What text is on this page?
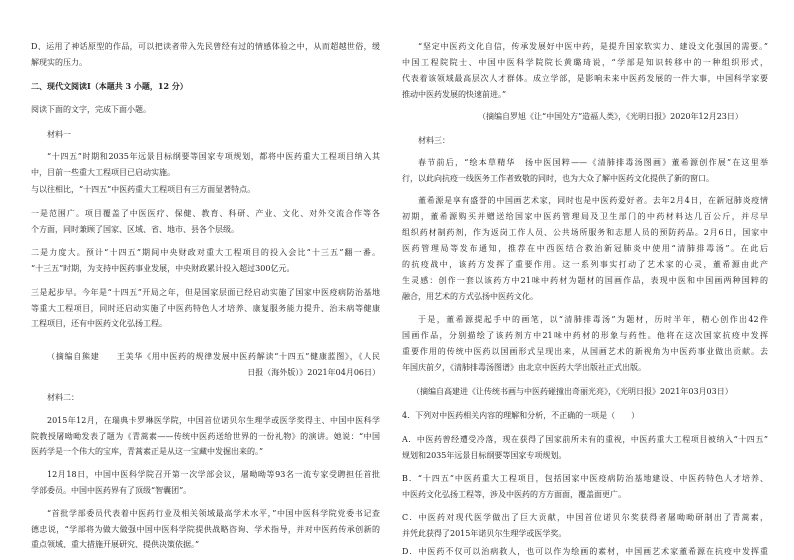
D、运用了神话原型的作品，可以把读者带入先民曾经有过的情感体验之中，从而超越世俗，缓
解现实的压力。
二、现代文阅读Ⅰ（本题共 3 小题，12 分）
阅读下面的文字，完成下面小题。
材料一
“十四五”时期和2035年远景目标纲要等国家专项规划，都将中医药重大工程项目纳入其
中，目前一些重大工程项目已启动实施。
与以往相比，“十四五”中医药重大工程项目有三方面显著特点。
一是范围广。项目覆盖了中医医疗、保健、教育、科研、产业、文化、对外交流合作等各
个方面，同时兼顾了国家、区域、省、地市、县各个层级。
二是力度大。预计“十四五”期间中央财政对重大工程项目的投入会比“十三五”翻一番。
“十三五”时期，为支持中医药事业发展，中央财政累计投入超过300亿元。
三是起步早。今年是“十四五”开局之年，但是国家层面已经启动实施了国家中医疫病防治基地
等重大工程项目，同时还启动实施了中医药特色人才培养、康复服务能力提升、治未病等健康
工程项目，还有中医药文化弘扬工程。
（摘编自熊建　　王美华《用中医药的规律发展中医药解读“十四五”健康蓝图》，《人民
日报（海外版）》2021年04月06日）
材料二：
2015年12月，在瑞典卡罗琳医学院，中国首位诺贝尔生理学或医学奖得主、中国中医科学
院教授屠呦呦发表了题为《青蒿素——传统中医药送给世界的一份礼物》的演讲。她说：“中国
医药学是一个伟大的宝库，青蒿素正是从这一宝藏中发掘出来的。”
12月18日，中国中医科学院召开第一次学部会议，屠呦呦等93名一流专家受聘担任首批
学部委员。中国中医药界有了顶级“智囊团”。
“首批学部委员代表着中医药行业及相关领域最高学术水平，”中国中医科学院党委书记查
德忠说，“学部将为做大做强中国中医科学院提供战略咨询、学术指导，并对中医药传承创新的
重点领域、重大措施开展研究、提供决策依据。”
“坚定中医药文化自信，传承发展好中医中药，是提升国家软实力、建设文化强国的需要。”
中国工程院院士、中国中医科学院院长黄璐琦说，“学部是知识转移中的一种组织形式，
代表着该领域最高层次人才群体。成立学部，是影响未来中医药发展的一件大事，中国科学家要
推动中医药发展的快速前进。”
（摘编自罗旭《让“中国处方”造福人类》，《光明日报》2020年12月23日）
材料三：
春节前后，“绘本草精华　扬中医国粹——《清肺排毒汤图画》董希源创作展”在这里举
行，以此向抗疫一线医务工作者致敬的同时，也为大众了解中医药文化提供了新的窗口。
董希源是享有盛誉的中国画艺术家，同时也是中医药爱好者。去年2月4日，在新冠肺炎疫情
初期，董希源购买并赠送给国家中医药管理局及卫生部门的中药材料达几百公斤，并尽早
组织药材制药剂，作为返岗工作人员、公共场所服务和志愿人员的预防药品。2月6日，国家中
医药管理局等发布通知，推荐在中西医结合救治新冠肺炎中使用“清肺排毒汤”。在此后
的抗疫战中，该药方发挥了重要作用。这一系列事实打动了艺术家的心灵，董希源由此产
生灵感：创作一套以该药方中21味中药材为题材的国画作品，表现中医和中国画两种国粹的
融合，用艺术的方式弘扬中医药文化。
于是，董希源提起手中的画笔，以“清肺排毒汤”为题材，历时半年，精心创作出42件
国画作品，分别描绘了该药剂方中21味中药材的形象与药性。他将在这次国家抗疫中发挥
重要作用的传统中医药以国画形式呈现出来，从国画艺术的新视角为中医药事业做出贡献。去
年国庆前夕，《清肺排毒汤图谱》由北京中医药大学出版社正式出版。
（摘编自高建进《让传统书画与中医药碰撞出奇丽光亮》，《光明日报》2021年03月03日）
4．下列对中医药相关内容的理解和分析，不正确的一项是（　　）
A．中医药曾经遭受冷落，现在获得了国家前所未有的重视，中医药重大工程项目被纳入“十四五”
规划和2035年远景目标纲要等国家专项规划。
B．“十四五”中医药重大工程项目，包括国家中医疫病防治基地建设、中医药特色人才培养、
中医药文化弘扬工程等，涉及中医药的方方面面，覆盖面更广。
C．中医药对现代医学做出了巨大贡献，中国首位诺贝尔奖获得者屠呦呦研制出了青蒿素，
并凭此获得了2015年诺贝尔生理学或医学奖。
D．中医药不仅可以治病救人，也可以作为绘画的素材，中国画艺术家董希源在抗疫中发挥重
